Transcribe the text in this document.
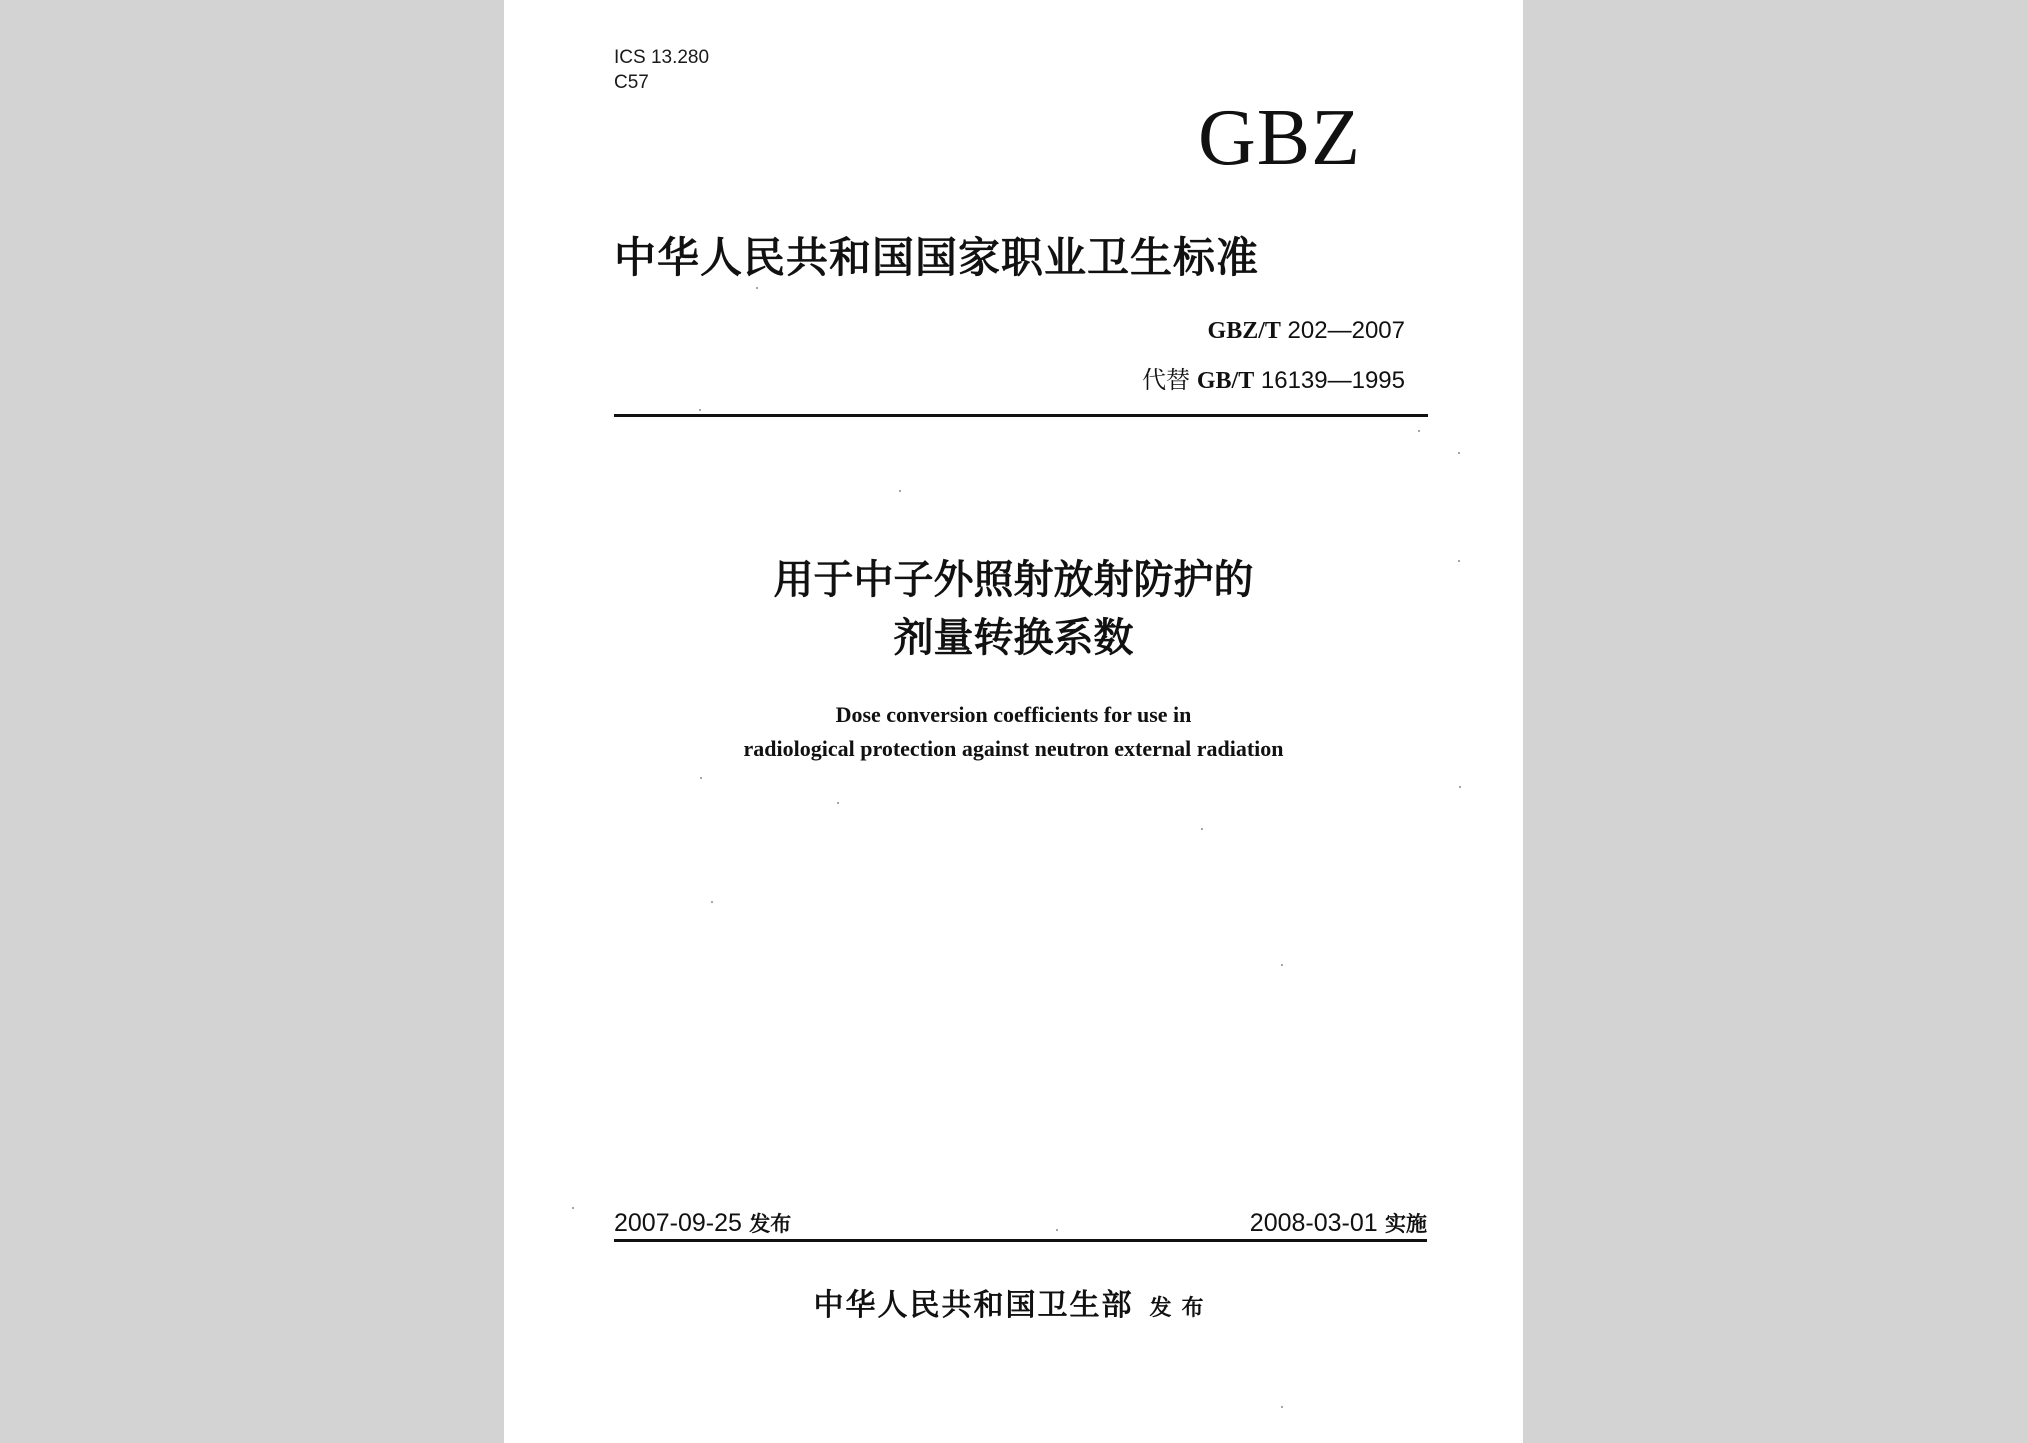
ICS 13.280
C57
GBZ
中华人民共和国国家职业卫生标准
GBZ/T 202—2007
代替 GB/T 16139—1995
用于中子外照射放射防护的
剂量转换系数
Dose conversion coefficients for use in
radiological protection against neutron external radiation
2007-09-25 发布	2008-03-01 实施
中华人民共和国卫生部 发布
